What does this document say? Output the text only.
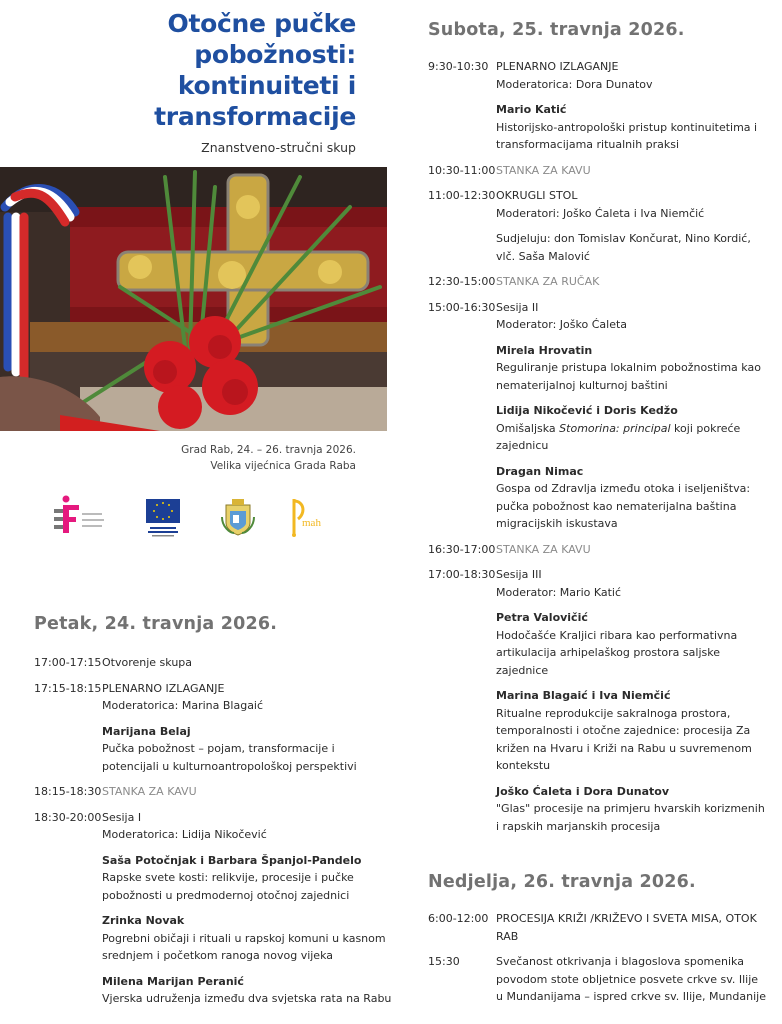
Otočne pučke
pobožnosti:
kontinuiteti i
transformacije
Znanstveno-stručni skup
Grad Rab, 24. – 26. travnja 2026.
Velika vijećnica Grada Raba
mah
Petak, 24. travnja 2026.
17:00-17:15 Otvorenje skupa
17:15-18:15 PLENARNO IZLAGANJE
Moderatorica: Marina Blagaić
Marijana Belaj
Pučka pobožnost – pojam, transformacije i potencijali u kulturnoantropološkoj perspektivi
18:15-18:30 STANKA ZA KAVU
18:30-20:00 Sesija I
Moderatorica: Lidija Nikočević
Saša Potočnjak i Barbara Španjol-Pandelo
Rapske svete kosti: relikvije, procesije i pučke pobožnosti u predmodernoj otočnoj zajednici
Zrinka Novak
Pogrebni običaji i rituali u rapskoj komuni u kasnom srednjem i početkom ranoga novog vijeka
Milena Marijan Peranić
Vjerska udruženja između dva svjetska rata na Rabu
Subota, 25. travnja 2026.
9:30-10:30 PLENARNO IZLAGANJE
Moderatorica: Dora Dunatov
Mario Katić
Historijsko-antropološki pristup kontinuitetima i transformacijama ritualnih praksi
10:30-11:00 STANKA ZA KAVU
11:00-12:30 OKRUGLI STOL
Moderatori: Joško Ćaleta i Iva Niemčić
Sudjeluju: don Tomislav Končurat, Nino Kordić, vlč. Saša Malović
12:30-15:00 STANKA ZA RUČAK
15:00-16:30 Sesija II
Moderator: Joško Ćaleta
Mirela Hrovatin
Reguliranje pristupa lokalnim pobožnostima kao nematerijalnoj kulturnoj baštini
Lidija Nikočević i Doris Kedžo
Omišaljska Stomorina: principal koji pokreće zajednicu
Dragan Nimac
Gospa od Zdravlja između otoka i iseljeništva: pučka pobožnost kao nematerijalna baština migracijskih iskustava
16:30-17:00 STANKA ZA KAVU
17:00-18:30 Sesija III
Moderator: Mario Katić
Petra Valovičić
Hodočašće Kraljici ribara kao performativna artikulacija arhipelaškog prostora saljske zajednice
Marina Blagaić i Iva Niemčić
Ritualne reprodukcije sakralnoga prostora, temporalnosti i otočne zajednice: procesija Za križen na Hvaru i Križi na Rabu u suvremenom kontekstu
Joško Ćaleta i Dora Dunatov
"Glas" procesije na primjeru hvarskih korizmenih i rapskih marjanskih procesija
Nedjelja, 26. travnja 2026.
6:00-12:00 PROCESIJA KRIŽI /KRIŽEVO I SVETA MISA, OTOK RAB
15:30	Svečanost otkrivanja i blagoslova spomenika povodom stote obljetnice posvete crkve sv. Ilije u Mundanijama – ispred crkve sv. Ilije, Mundanije
